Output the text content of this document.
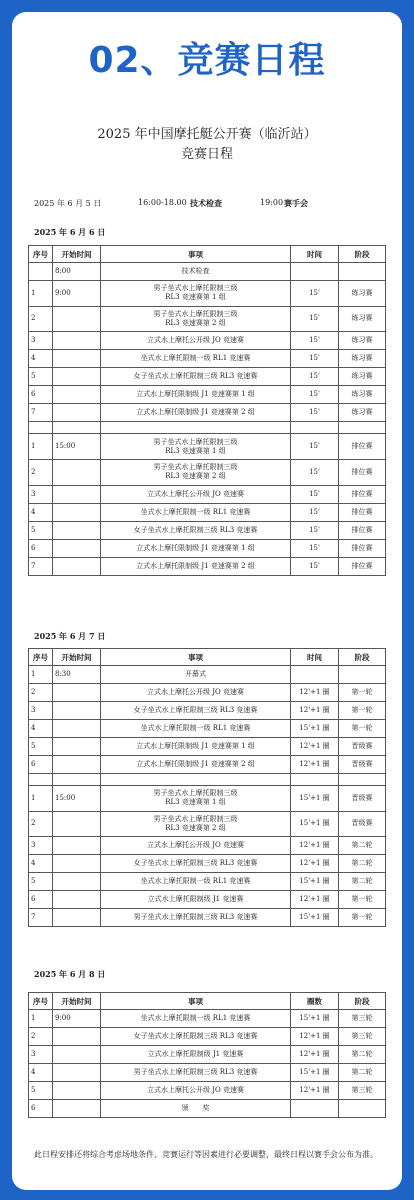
02、竞赛日程
2025 年中国摩托艇公开赛（临沂站）
竞赛日程
2025 年 6 月 5 日	16:00-18.00 技术检查	19:00 赛手会
2025 年 6 月 6 日
序号	开始时间	事项	时间	阶段
	8:00	技术检查		
1	9:00	男子坐式水上摩托限制三级
RL3 竞速赛第 1 组	15'	练习赛
2		男子坐式水上摩托限制三级
RL3 竞速赛第 2 组	15'	练习赛
3		立式水上摩托公开级 JO 竞速赛	15'	练习赛
4		坐式水上摩托限制一级 RL1 竞速赛	15'	练习赛
5		女子坐式水上摩托限制三级 RL3 竞速赛	15'	练习赛
6		立式水上摩托限制级 J1 竞速赛第 1 组	15'	练习赛
7		立式水上摩托限制级 J1 竞速赛第 2 组	15'	练习赛

1	15:00	男子坐式水上摩托限制三级
RL3 竞速赛第 1 组	15'	排位赛
2		男子坐式水上摩托限制三级
RL3 竞速赛第 2 组	15'	排位赛
3		立式水上摩托公开级 JO 竞速赛	15'	排位赛
4		坐式水上摩托限制一级 RL1 竞速赛	15'	排位赛
5		女子坐式水上摩托限制三级 RL3 竞速赛	15'	排位赛
6		立式水上摩托限制级 J1 竞速赛第 1 组	15'	排位赛
7		立式水上摩托限制级 J1 竞速赛第 2 组	15'	排位赛
2025 年 6 月 7 日
序号	开始时间	事项	时间	阶段
1	8:30	开幕式		
2		立式水上摩托公开级 JO 竞速赛	12'+1 圈	第一轮
3		女子坐式水上摩托限制三级 RL3 竞速赛	12'+1 圈	第一轮
4		坐式水上摩托限制一级 RL1 竞速赛	15'+1 圈	第一轮
5		立式水上摩托限制级 J1 竞速赛第 1 组	12'+1 圈	晋级赛
6		立式水上摩托限制级 J1 竞速赛第 2 组	12'+1 圈	晋级赛

1	15:00	男子坐式水上摩托限制三级
RL3 竞速赛第 1 组	15'+1 圈	晋级赛
2		男子坐式水上摩托限制三级
RL3 竞速赛第 2 组	15'+1 圈	晋级赛
3		立式水上摩托公开级 JO 竞速赛	12'+1 圈	第二轮
4		女子坐式水上摩托限制三级 RL3 竞速赛	12'+1 圈	第二轮
5		坐式水上摩托限制一级 RL1 竞速赛	15'+1 圈	第二轮
6		立式水上摩托限制级 J1 竞速赛	12'+1 圈	第一轮
7		男子坐式水上摩托限制三级 RL3 竞速赛	15'+1 圈	第一轮
2025 年 6 月 8 日
序号	开始时间	事项	圈数	阶段
1	9:00	坐式水上摩托限制一级 RL1 竞速赛	15'+1 圈	第三轮
2		女子坐式水上摩托限制三级 RL3 竞速赛	12'+1 圈	第三轮
3		立式水上摩托限制级 J1 竞速赛	12'+1 圈	第二轮
4		男子坐式水上摩托限制三级 RL3 竞速赛	15'+1 圈	第二轮
5		立式水上摩托公开级 JO 竞速赛	12'+1 圈	第三轮
6		颁　　奖		
此日程安排还将综合考虑场地条件、竞赛运行等因素进行必要调整，最终日程以赛手会公布为准。
